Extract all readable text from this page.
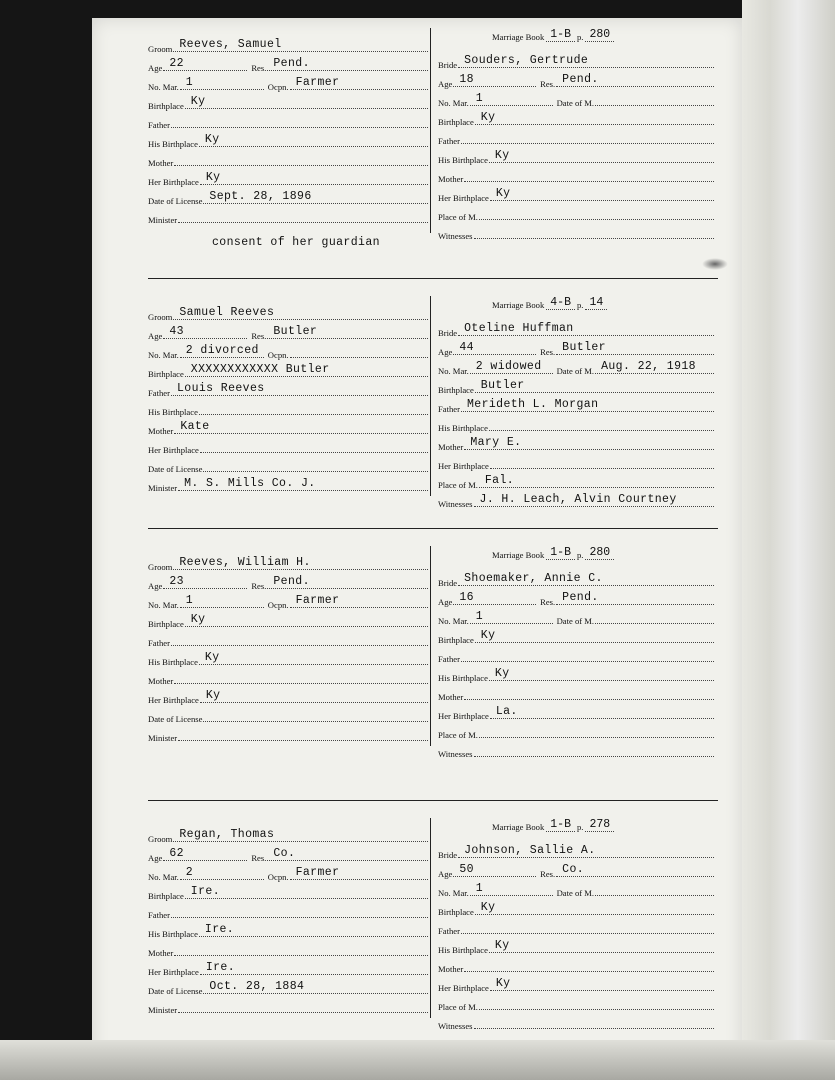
Marriage Book 1-B p. 280
Groom Reeves, Samuel
Age 22	Res. Pend.
No. Mar. 1	Ocpn. Farmer
Birthplace Ky
Father
His Birthplace Ky
Mother
Her Birthplace Ky
Date of License Sept. 28, 1896
Minister
Bride Souders, Gertrude
Age 18	Res. Pend.
No. Mar. 1	Date of M.
Birthplace Ky
Father
His Birthplace Ky
Mother
Her Birthplace Ky
Place of M.
Witnesses
consent of her guardian
Marriage Book 4-B p. 14
Groom Samuel Reeves
Age 43	Res. Butler
No. Mar. 2 divorced	Ocpn.
Birthplace XXXXXXXXXXXX Butler
Father Louis Reeves
His Birthplace
Mother Kate
Her Birthplace
Date of License
Minister M. S. Mills Co. J.
Bride Oteline Huffman
Age 44	Res. Butler
No. Mar. 2 widowed	Date of M. Aug. 22, 1918
Birthplace Butler
Father Merideth L. Morgan
His Birthplace
Mother Mary E.
Her Birthplace
Place of M. Fal.
Witnesses J. H. Leach, Alvin Courtney
Marriage Book 1-B p. 280
Groom Reeves, William H.
Age 23	Res. Pend.
No. Mar. 1	Ocpn. Farmer
Birthplace Ky
Father
His Birthplace Ky
Mother
Her Birthplace Ky
Date of License
Minister
Bride Shoemaker, Annie C.
Age 16	Res. Pend.
No. Mar. 1	Date of M.
Birthplace Ky
Father
His Birthplace Ky
Mother
Her Birthplace La.
Place of M.
Witnesses
Marriage Book 1-B p. 278
Groom Regan, Thomas
Age 62	Res. Co.
No. Mar. 2	Ocpn. Farmer
Birthplace Ire.
Father
His Birthplace Ire.
Mother
Her Birthplace Ire.
Date of License Oct. 28, 1884
Minister
Bride Johnson, Sallie A.
Age 50	Res. Co.
No. Mar. 1	Date of M.
Birthplace Ky
Father
His Birthplace Ky
Mother
Her Birthplace Ky
Place of M.
Witnesses
